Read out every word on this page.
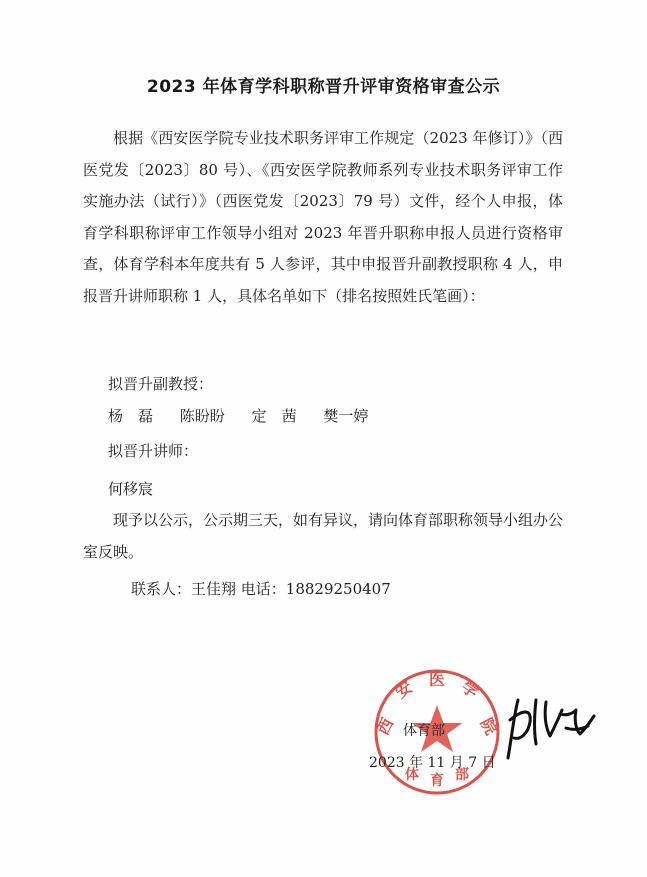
2023 年体育学科职称晋升评审资格审查公示

根据《西安医学院专业技术职务评审工作规定（2023 年修订）》（西医党发〔2023〕80 号）、《西安医学院教师系列专业技术职务评审工作实施办法（试行）》（西医党发〔2023〕79 号）文件，经个人申报，体育学科职称评审工作领导小组对 2023 年晋升职称申报人员进行资格审查，体育学科本年度共有 5 人参评，其中申报晋升副教授职称 4 人，申报晋升讲师职称 1 人，具体名单如下（排名按照姓氏笔画）：

拟晋升副教授：
杨　磊 陈盼盼 定　茜 樊一婷
拟晋升讲师：
何移宸

现予以公示，公示期三天，如有异议，请向体育部职称领导小组办公室反映。

联系人：王佳翔 电话：18829250407
西
安 医 学
院
体 育 部
体育部
2023 年 11 月 7 日
